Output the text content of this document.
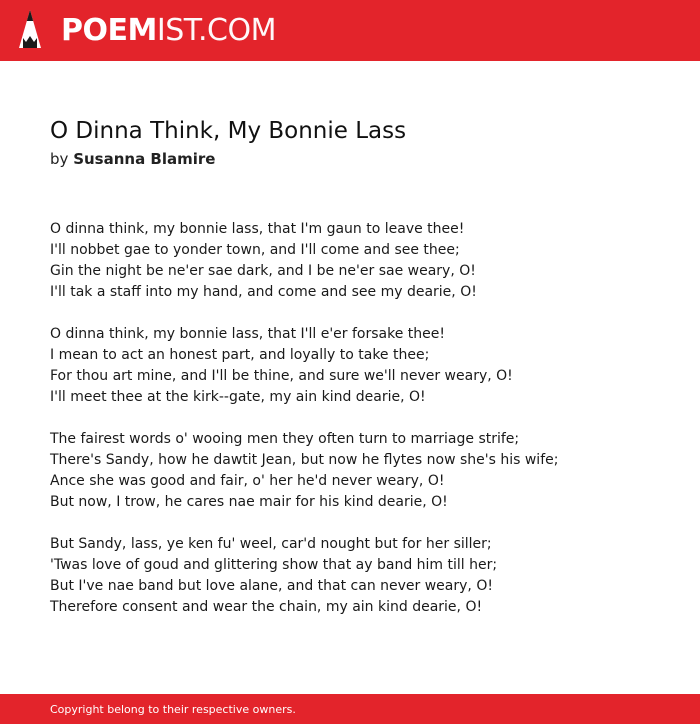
POEMIST.COM
O Dinna Think, My Bonnie Lass
by Susanna Blamire
O dinna think, my bonnie lass, that I'm gaun to leave thee!
I'll nobbet gae to yonder town, and I'll come and see thee;
Gin the night be ne'er sae dark, and I be ne'er sae weary, O!
I'll tak a staff into my hand, and come and see my dearie, O!
O dinna think, my bonnie lass, that I'll e'er forsake thee!
I mean to act an honest part, and loyally to take thee;
For thou art mine, and I'll be thine, and sure we'll never weary, O!
I'll meet thee at the kirk--gate, my ain kind dearie, O!
The fairest words o' wooing men they often turn to marriage strife;
There's Sandy, how he dawtit Jean, but now he flytes now she's his wife;
Ance she was good and fair, o' her he'd never weary, O!
But now, I trow, he cares nae mair for his kind dearie, O!
But Sandy, lass, ye ken fu' weel, car'd nought but for her siller;
'Twas love of goud and glittering show that ay band him till her;
But I've nae band but love alane, and that can never weary, O!
Therefore consent and wear the chain, my ain kind dearie, O!
Copyright belong to their respective owners.
